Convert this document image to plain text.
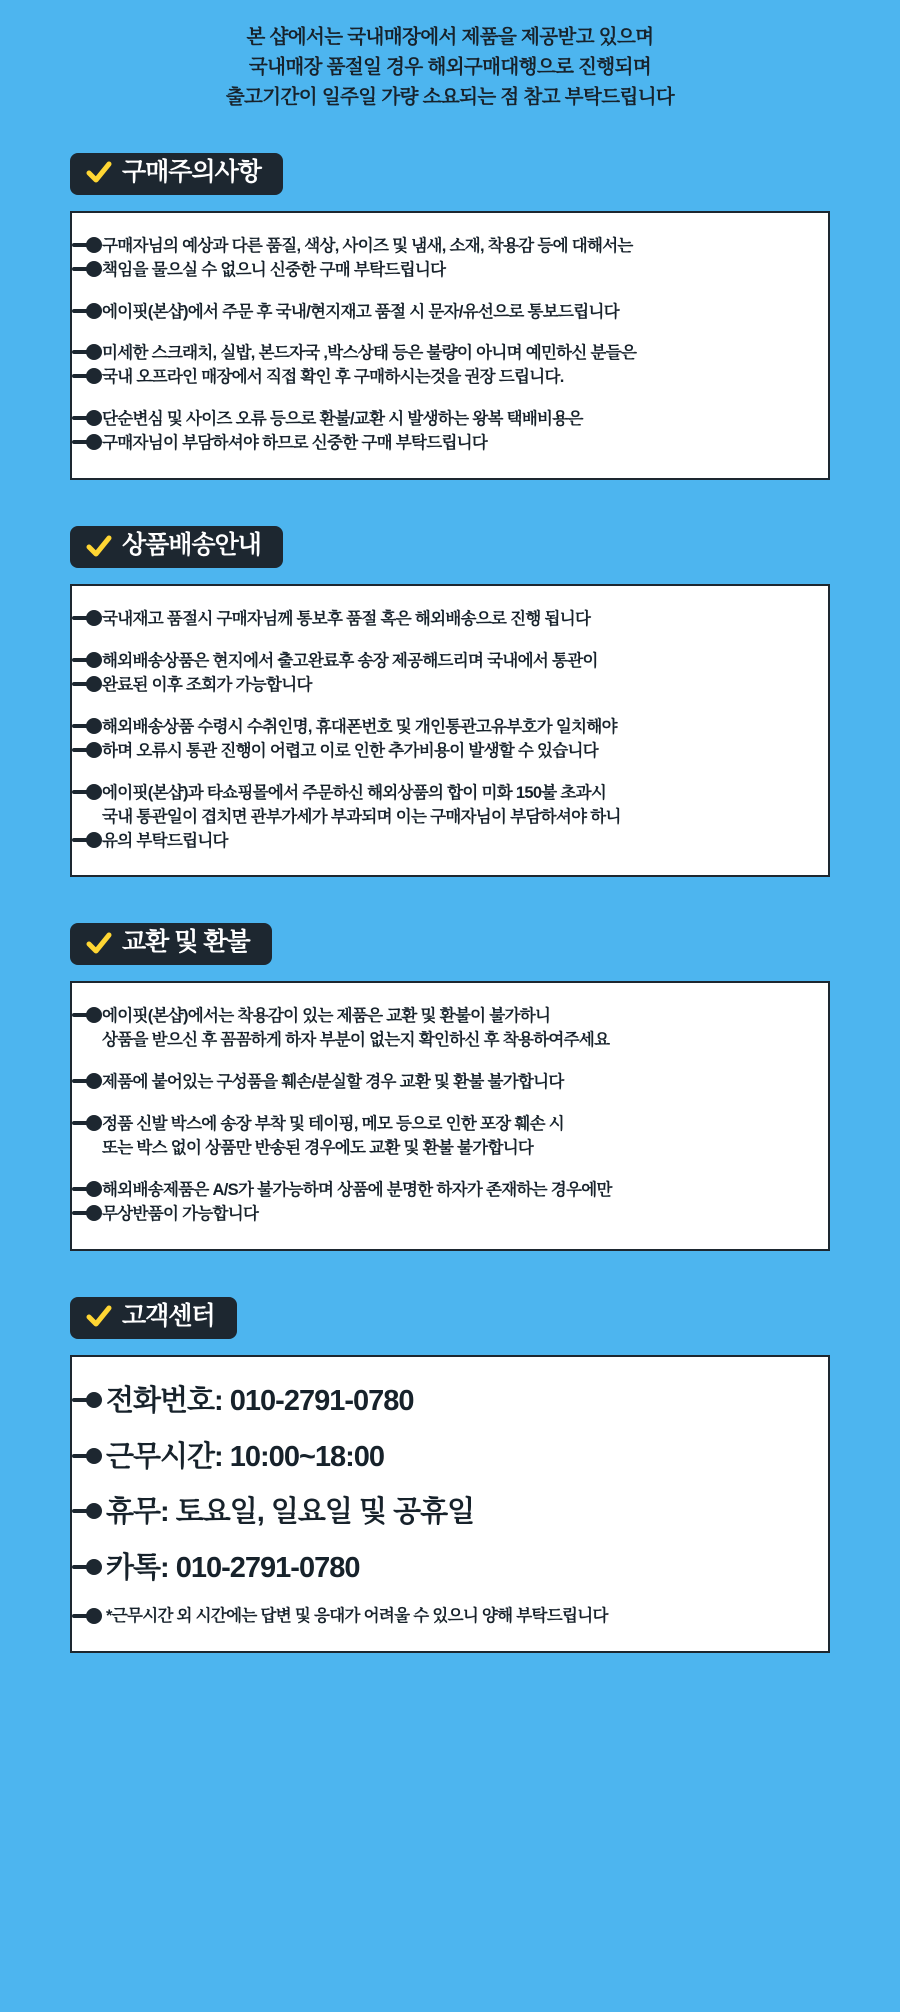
본 샵에서는 국내매장에서 제품을 제공받고 있으며
국내매장 품절일 경우 해외구매대행으로 진행되며
출고기간이 일주일 가량 소요되는 점 참고 부탁드립니다
구매주의사항
구매자님의 예상과 다른 품질, 색상, 사이즈 및 냄새, 소재, 착용감 등에 대해서는
책임을 물으실 수 없으니 신중한 구매 부탁드립니다
에이핏(본샵)에서 주문 후 국내/현지재고 품절 시 문자/유선으로 통보드립니다
미세한 스크래치, 실밥, 본드자국 ,박스상태 등은 불량이 아니며 예민하신 분들은
국내 오프라인 매장에서 직접 확인 후 구매하시는것을 권장 드립니다.
단순변심 및 사이즈 오류 등으로 환불/교환 시 발생하는 왕복 택배비용은
구매자님이 부담하셔야 하므로 신중한 구매 부탁드립니다
상품배송안내
국내재고 품절시 구매자님께 통보후 품절 혹은 해외배송으로 진행 됩니다
해외배송상품은 현지에서 출고완료후 송장 제공해드리며 국내에서 통관이
완료된 이후 조회가 가능합니다
해외배송상품 수령시 수취인명, 휴대폰번호 및 개인통관고유부호가 일치해야
하며 오류시 통관 진행이 어렵고 이로 인한 추가비용이 발생할 수 있습니다
에이핏(본샵)과 타쇼핑몰에서 주문하신 해외상품의 합이 미화 150불 초과시
국내 통관일이 겹치면 관부가세가 부과되며 이는 구매자님이 부담하셔야 하니
유의 부탁드립니다
교환 및 환불
에이핏(본샵)에서는 착용감이 있는 제품은 교환 및 환불이 불가하니
상품을 받으신 후 꼼꼼하게 하자 부분이 없는지 확인하신 후 착용하여주세요
제품에 붙어있는 구성품을 훼손/분실할 경우 교환 및 환불 불가합니다
정품 신발 박스에 송장 부착 및 테이핑, 메모 등으로 인한 포장 훼손 시
또는 박스 없이 상품만 반송된 경우에도 교환 및 환불 불가합니다
해외배송제품은 A/S가 불가능하며 상품에 분명한 하자가 존재하는 경우에만
무상반품이 가능합니다
고객센터
전화번호: 010-2791-0780
근무시간: 10:00~18:00
휴무: 토요일, 일요일 및 공휴일
카톡: 010-2791-0780
*근무시간 외 시간에는 답변 및 응대가 어려울 수 있으니 양해 부탁드립니다
